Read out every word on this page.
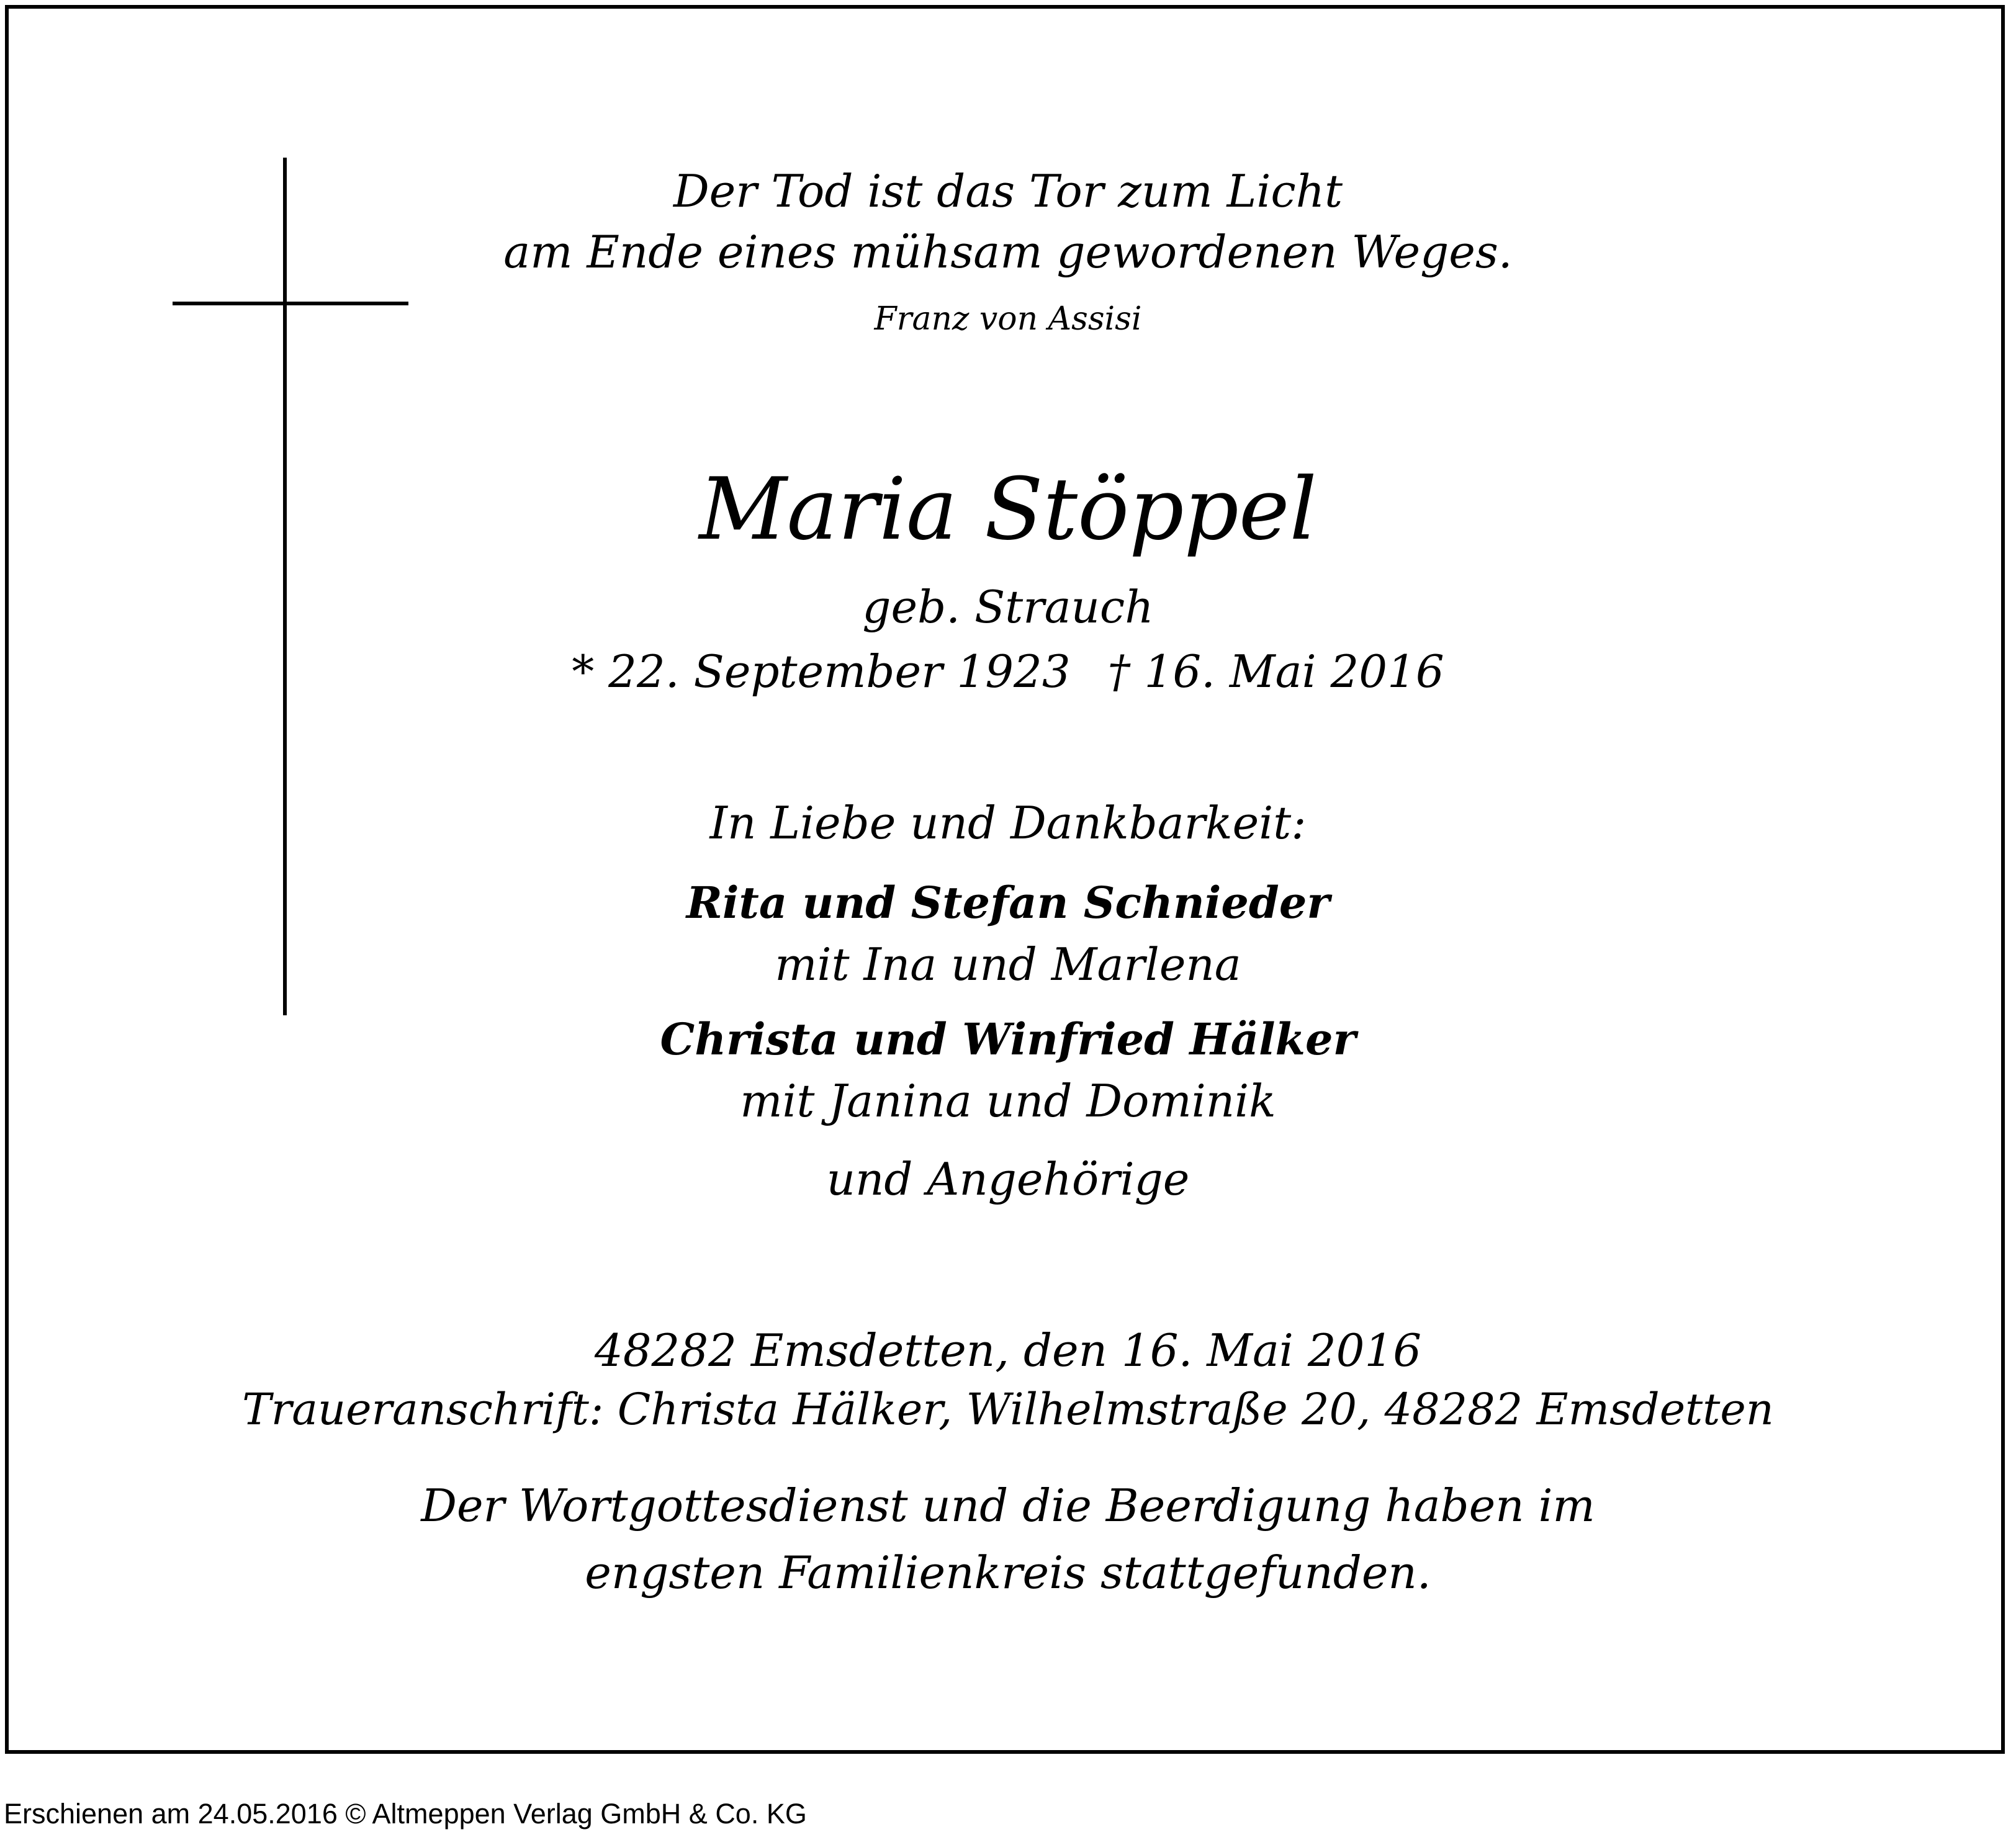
Der Tod ist das Tor zum Licht
am Ende eines mühsam gewordenen Weges.
Franz von Assisi
Maria Stöppel
geb. Strauch
* 22. September 1923 † 16. Mai 2016
In Liebe und Dankbarkeit:
Rita und Stefan Schnieder
mit Ina und Marlena
Christa und Winfried Hälker
mit Janina und Dominik
und Angehörige
48282 Emsdetten, den 16. Mai 2016
Traueranschrift: Christa Hälker, Wilhelmstraße 20, 48282 Emsdetten
Der Wortgottesdienst und die Beerdigung haben im
engsten Familienkreis stattgefunden.
Erschienen am 24.05.2016 © Altmeppen Verlag GmbH & Co. KG
